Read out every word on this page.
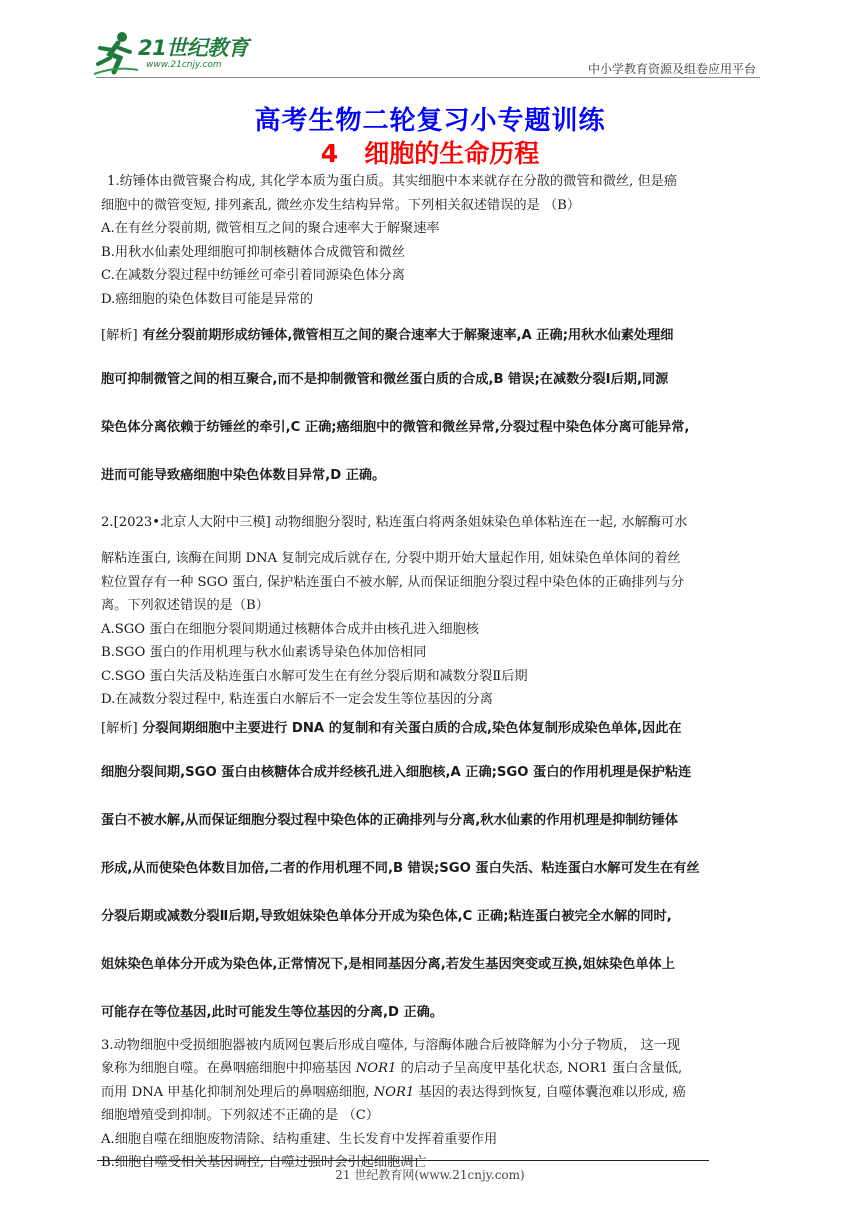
21世纪教育
www.21cnjy.com	中小学教育资源及组卷应用平台
高考生物二轮复习小专题训练
4   细胞的生命历程
1.纺锤体由微管聚合构成, 其化学本质为蛋白质。其实细胞中本来就存在分散的微管和微丝, 但是癌
细胞中的微管变短, 排列紊乱, 微丝亦发生结构异常。下列相关叙述错误的是 （B）
A.在有丝分裂前期, 微管相互之间的聚合速率大于解聚速率
B.用秋水仙素处理细胞可抑制核糖体合成微管和微丝
C.在减数分裂过程中纺锤丝可牵引着同源染色体分离
D.癌细胞的染色体数目可能是异常的
[解析] 有丝分裂前期形成纺锤体,微管相互之间的聚合速率大于解聚速率,A 正确;用秋水仙素处理细
胞可抑制微管之间的相互聚合,而不是抑制微管和微丝蛋白质的合成,B 错误;在减数分裂Ⅰ后期,同源
染色体分离依赖于纺锤丝的牵引,C 正确;癌细胞中的微管和微丝异常,分裂过程中染色体分离可能异常,
进而可能导致癌细胞中染色体数目异常,D 正确。
2.[2023•北京人大附中三模] 动物细胞分裂时, 粘连蛋白将两条姐妹染色单体粘连在一起, 水解酶可水
解粘连蛋白, 该酶在间期 DNA 复制完成后就存在, 分裂中期开始大量起作用, 姐妹染色单体间的着丝
粒位置存有一种 SGO 蛋白, 保护粘连蛋白不被水解, 从而保证细胞分裂过程中染色体的正确排列与分
离。下列叙述错误的是（B）
A.SGO 蛋白在细胞分裂间期通过核糖体合成并由核孔进入细胞核
B.SGO 蛋白的作用机理与秋水仙素诱导染色体加倍相同
C.SGO 蛋白失活及粘连蛋白水解可发生在有丝分裂后期和减数分裂Ⅱ后期
D.在减数分裂过程中, 粘连蛋白水解后不一定会发生等位基因的分离
[解析] 分裂间期细胞中主要进行 DNA 的复制和有关蛋白质的合成,染色体复制形成染色单体,因此在
细胞分裂间期,SGO 蛋白由核糖体合成并经核孔进入细胞核,A 正确;SGO 蛋白的作用机理是保护粘连
蛋白不被水解,从而保证细胞分裂过程中染色体的正确排列与分离,秋水仙素的作用机理是抑制纺锤体
形成,从而使染色体数目加倍,二者的作用机理不同,B 错误;SGO 蛋白失活、粘连蛋白水解可发生在有丝
分裂后期或减数分裂Ⅱ后期,导致姐妹染色单体分开成为染色体,C 正确;粘连蛋白被完全水解的同时,
姐妹染色单体分开成为染色体,正常情况下,是相同基因分离,若发生基因突变或互换,姐妹染色单体上
可能存在等位基因,此时可能发生等位基因的分离,D 正确。
3.动物细胞中受损细胞器被内质网包裹后形成自噬体, 与溶酶体融合后被降解为小分子物质， 这一现
象称为细胞自噬。在鼻咽癌细胞中抑癌基因 NOR1 的启动子呈高度甲基化状态, NOR1 蛋白含量低,
而用 DNA 甲基化抑制剂处理后的鼻咽癌细胞, NOR1 基因的表达得到恢复, 自噬体囊泡难以形成, 癌
细胞增殖受到抑制。下列叙述不正确的是 （C）
A.细胞自噬在细胞废物清除、结构重建、生长发育中发挥着重要作用
B.细胞自噬受相关基因调控, 自噬过强时会引起细胞凋亡
21 世纪教育网(www.21cnjy.com)
